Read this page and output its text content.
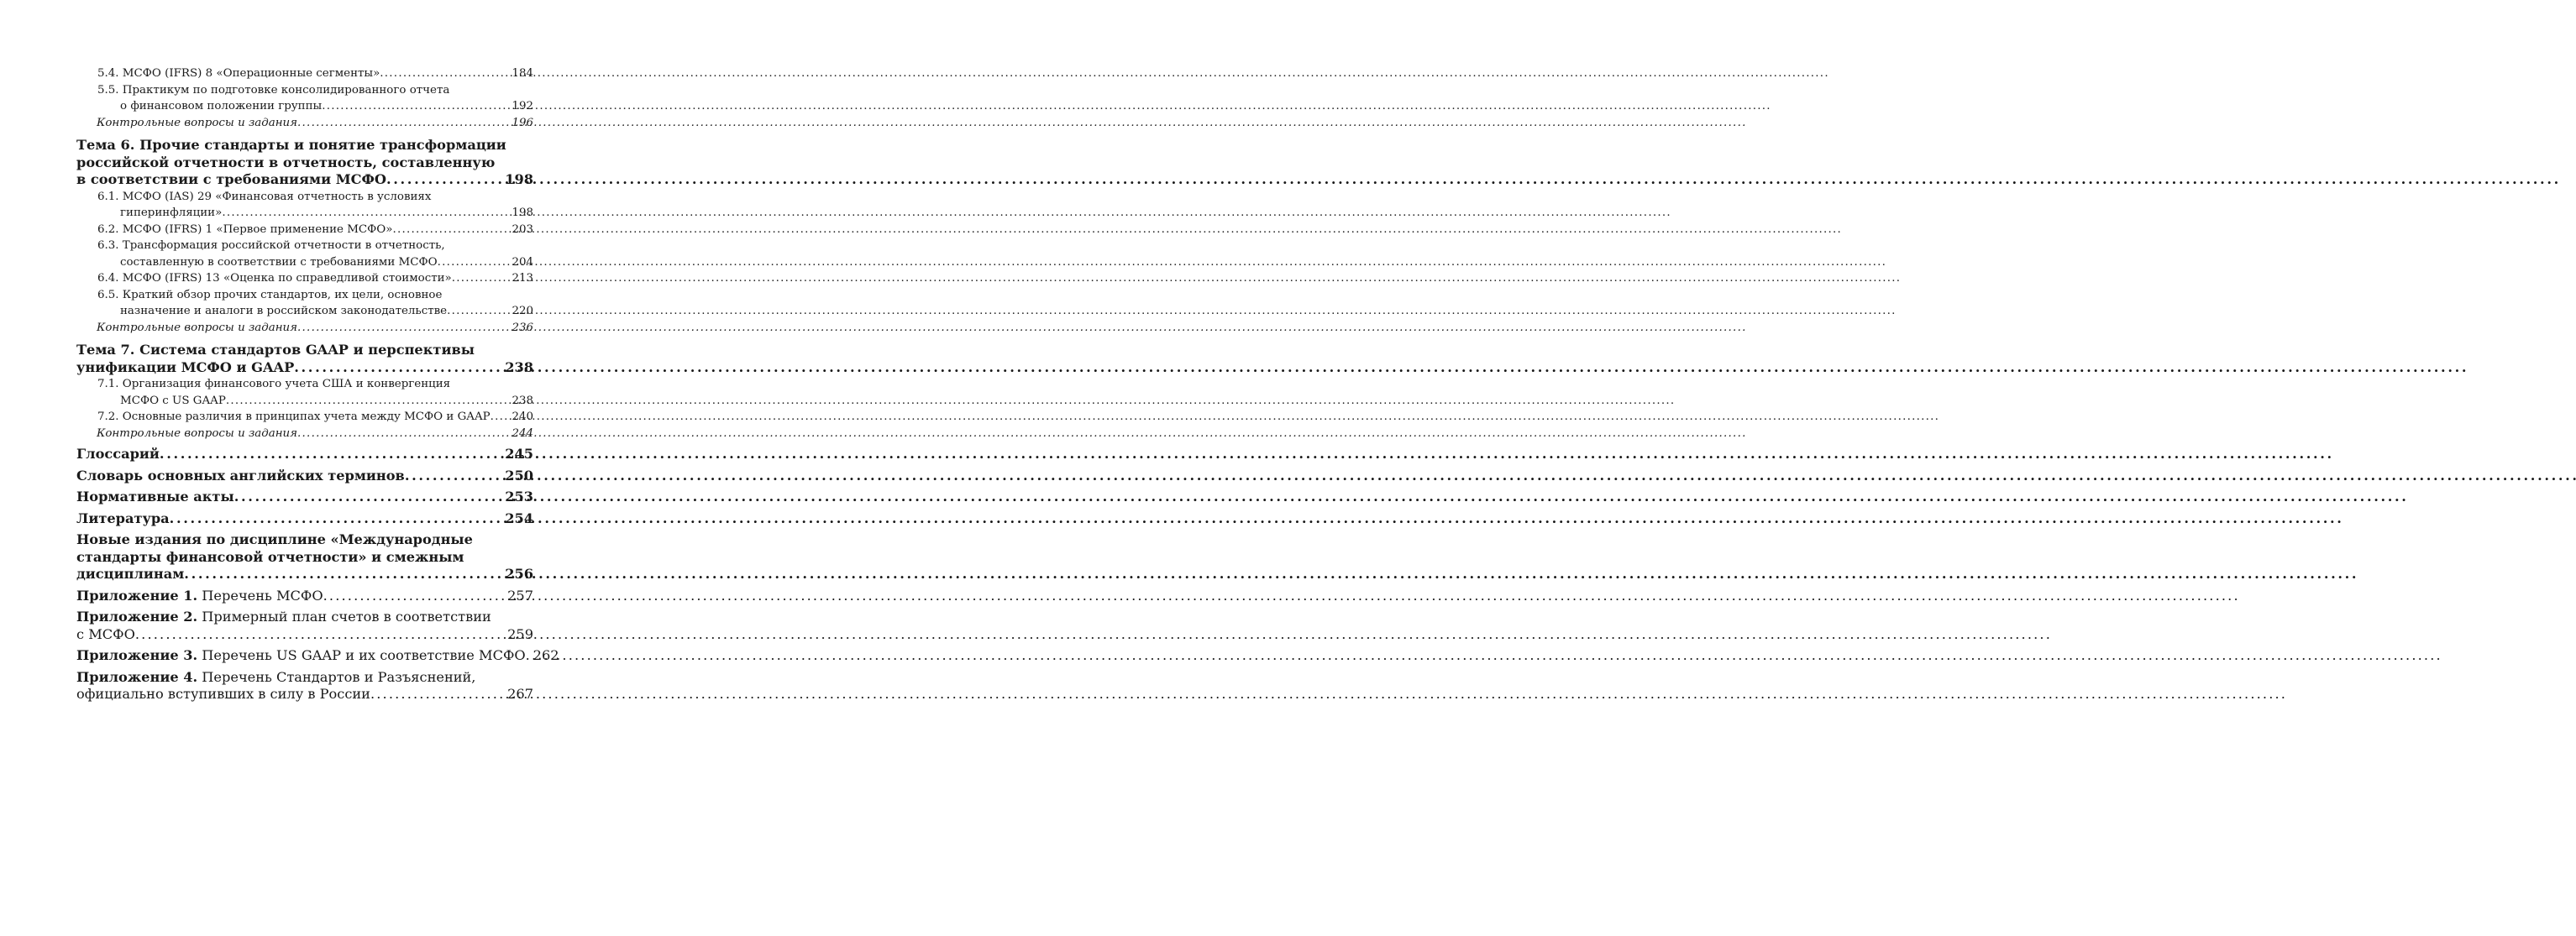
5.4. МСФО (IFRS) 8 «Операционные сегменты» . . .	184
5.5. Практикум по подготовке консолидированного отчета
о финансовом положении группы . . .	192
Контрольные вопросы и задания . . .	196
Тема 6. Прочие стандарты и понятие трансформации
российской отчетности в отчетность, составленную
в соответствии с требованиями МСФО . . .	198
6.1. МСФО (IAS) 29 «Финансовая отчетность в условиях
гиперинфляции» . . .	198
6.2. МСФО (IFRS) 1 «Первое применение МСФО» . . .	203
6.3. Трансформация российской отчетности в отчетность,
составленную в соответствии с требованиями МСФО . . .	204
6.4. МСФО (IFRS) 13 «Оценка по справедливой стоимости» . . .	213
6.5. Краткий обзор прочих стандартов, их цели, основное
назначение и аналоги в российском законодательстве . . .	220
Контрольные вопросы и задания . . .	236
Тема 7. Система стандартов GAAP и перспективы
унификации МСФО и GAAP . . .	238
7.1. Организация финансового учета США и конвергенция
МСФО с US GAAP . . .	238
7.2. Основные различия в принципах учета между МСФО и GAAP . . . 240
Контрольные вопросы и задания . . .	244
Глоссарий . . .	245
Словарь основных английских терминов . . .	250
Нормативные акты . . .	253
Литература . . .	254
Новые издания по дисциплине «Международные
стандарты финансовой отчетности» и смежным
дисциплинам . . .	256
Приложение 1. Перечень МСФО . . .	257
Приложение 2. Примерный план счетов в соответствии
с МСФО . . .	259
Приложение 3. Перечень US GAAP и их соответствие МСФО . . . 262
Приложение 4. Перечень Стандартов и Разъяснений,
официально вступивших в силу в России . . .	267
